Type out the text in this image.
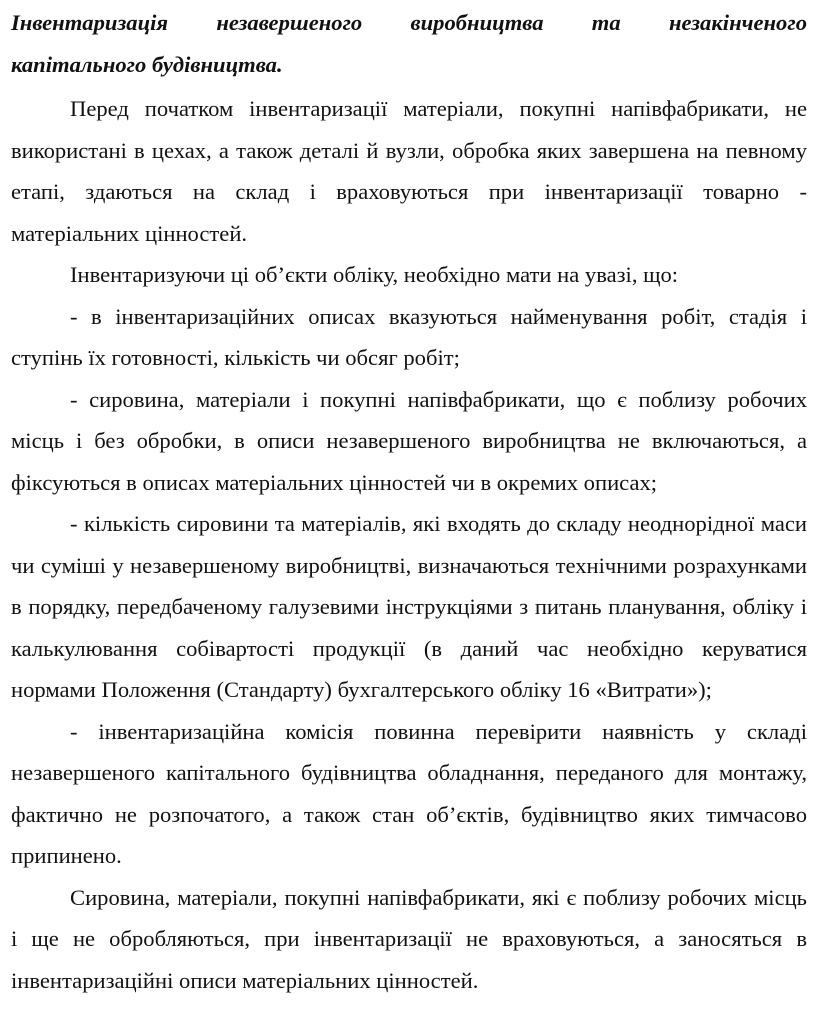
Інвентаризація незавершеного виробництва та незакінченого
капітального будівництва.

Перед початком інвентаризації матеріали, покупні напівфабрикати, не використані в цехах, а також деталі й вузли, обробка яких завершена на певному етапі, здаються на склад і враховуються при інвентаризації товарно - матеріальних цінностей.

Інвентаризуючи ці об’єкти обліку, необхідно мати на увазі, що:

- в інвентаризаційних описах вказуються найменування робіт, стадія і ступінь їх готовності, кількість чи обсяг робіт;

- сировина, матеріали і покупні напівфабрикати, що є поблизу робочих місць і без обробки, в описи незавершеного виробництва не включаються, а фіксуються в описах матеріальних цінностей чи в окремих описах;

- кількість сировини та матеріалів, які входять до складу неоднорідної маси чи суміші у незавершеному виробництві, визначаються технічними розрахунками в порядку, передбаченому галузевими інструкціями з питань планування, обліку і калькулювання собівартості продукції (в даний час необхідно керуватися нормами Положення (Стандарту) бухгалтерського обліку 16 «Витрати»);

- інвентаризаційна комісія повинна перевірити наявність у складі незавершеного капітального будівництва обладнання, переданого для монтажу, фактично не розпочатого, а також стан об’єктів, будівництво яких тимчасово припинено.

Сировина, матеріали, покупні напівфабрикати, які є поблизу робочих місць і ще не обробляються, при інвентаризації не враховуються, а заносяться в інвентаризаційні описи матеріальних цінностей.
